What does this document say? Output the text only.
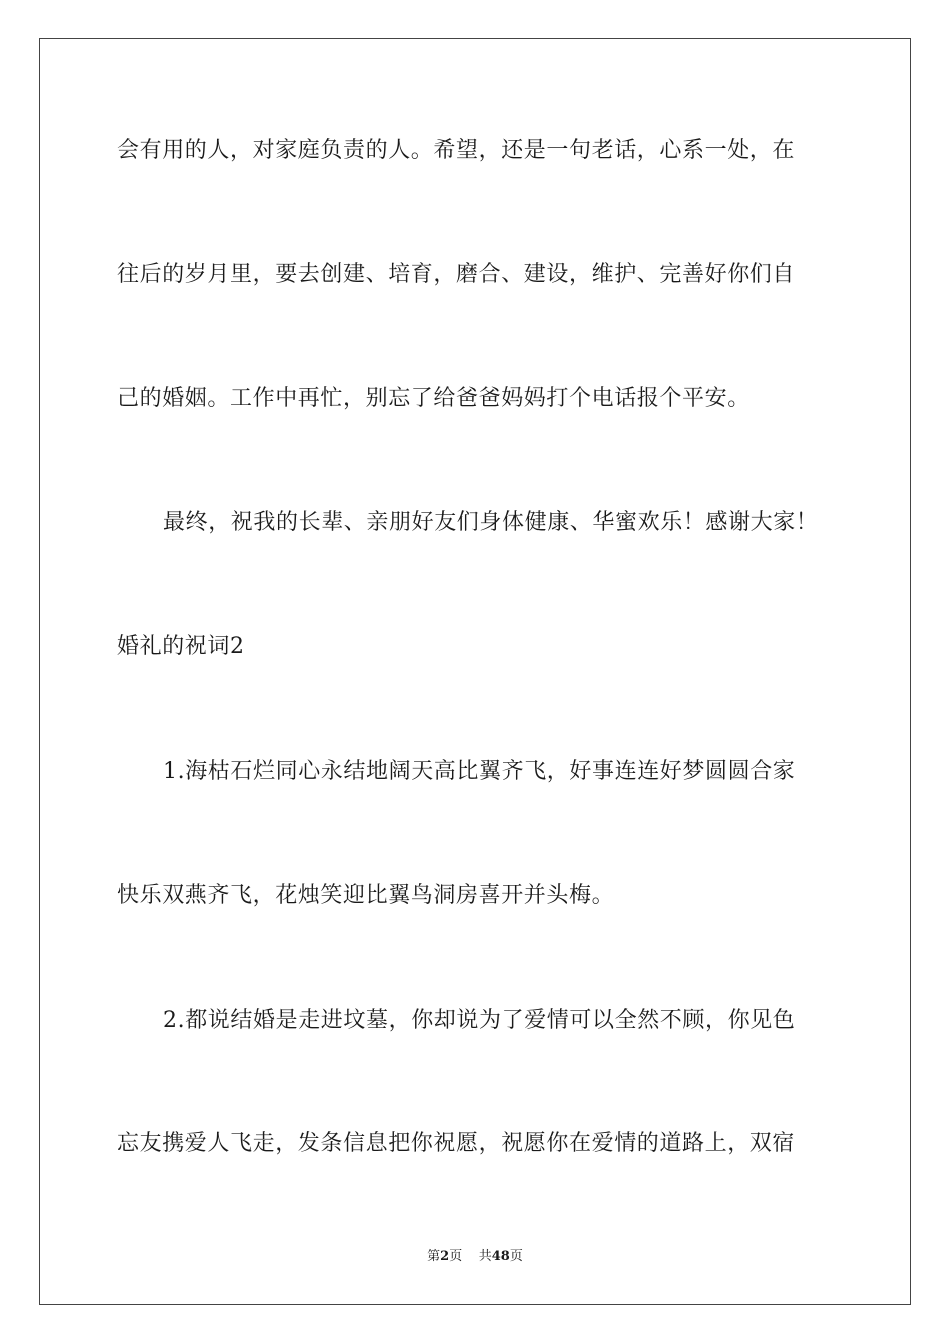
会有用的人，对家庭负责的人。希望，还是一句老话，心系一处，在
往后的岁月里，要去创建、培育，磨合、建设，维护、完善好你们自
己的婚姻。工作中再忙，别忘了给爸爸妈妈打个电话报个平安。
最终，祝我的长辈、亲朋好友们身体健康、华蜜欢乐！感谢大家！
婚礼的祝词2
1.海枯石烂同心永结地阔天高比翼齐飞，好事连连好梦圆圆合家
快乐双燕齐飞，花烛笑迎比翼鸟洞房喜开并头梅。
2.都说结婚是走进坟墓，你却说为了爱情可以全然不顾，你见色
忘友携爱人飞走，发条信息把你祝愿，祝愿你在爱情的道路上，双宿
第2页 共48页
